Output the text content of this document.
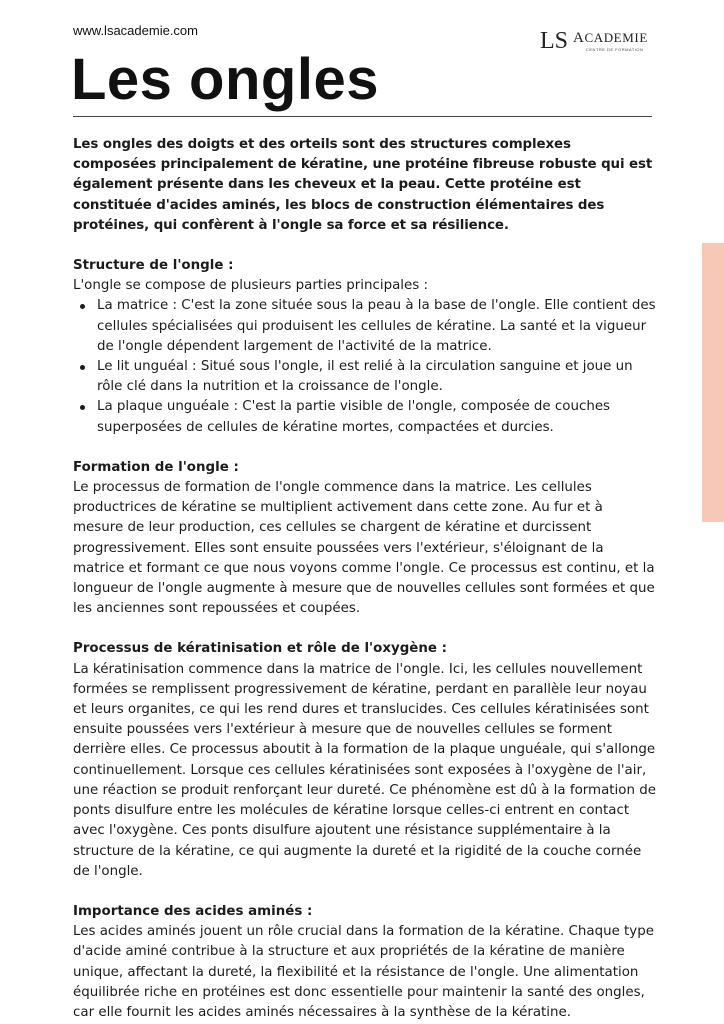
www.lsacademie.com	LS ACADEMIE
CENTRE DE FORMATION
Les ongles

Les ongles des doigts et des orteils sont des structures complexes composées principalement de kératine, une protéine fibreuse robuste qui est également présente dans les cheveux et la peau. Cette protéine est constituée d'acides aminés, les blocs de construction élémentaires des protéines, qui confèrent à l'ongle sa force et sa résilience.

Structure de l'ongle :

L'ongle se compose de plusieurs parties principales :

La matrice : C'est la zone située sous la peau à la base de l'ongle. Elle contient des cellules spécialisées qui produisent les cellules de kératine. La santé et la vigueur de l'ongle dépendent largement de l'activité de la matrice.
Le lit unguéal : Situé sous l'ongle, il est relié à la circulation sanguine et joue un rôle clé dans la nutrition et la croissance de l'ongle.
La plaque unguéale : C'est la partie visible de l'ongle, composée de couches superposées de cellules de kératine mortes, compactées et durcies.

Formation de l'ongle :

Le processus de formation de l'ongle commence dans la matrice. Les cellules productrices de kératine se multiplient activement dans cette zone. Au fur et à mesure de leur production, ces cellules se chargent de kératine et durcissent progressivement. Elles sont ensuite poussées vers l'extérieur, s'éloignant de la matrice et formant ce que nous voyons comme l'ongle. Ce processus est continu, et la longueur de l'ongle augmente à mesure que de nouvelles cellules sont formées et que les anciennes sont repoussées et coupées.

Processus de kératinisation et rôle de l'oxygène :

La kératinisation commence dans la matrice de l'ongle. Ici, les cellules nouvellement formées se remplissent progressivement de kératine, perdant en parallèle leur noyau et leurs organites, ce qui les rend dures et translucides. Ces cellules kératinisées sont ensuite poussées vers l'extérieur à mesure que de nouvelles cellules se forment derrière elles. Ce processus aboutit à la formation de la plaque unguéale, qui s'allonge continuellement. Lorsque ces cellules kératinisées sont exposées à l'oxygène de l'air, une réaction se produit renforçant leur dureté. Ce phénomène est dû à la formation de ponts disulfure entre les molécules de kératine lorsque celles-ci entrent en contact avec l'oxygène. Ces ponts disulfure ajoutent une résistance supplémentaire à la structure de la kératine, ce qui augmente la dureté et la rigidité de la couche cornée de l'ongle.

Importance des acides aminés :

Les acides aminés jouent un rôle crucial dans la formation de la kératine. Chaque type d'acide aminé contribue à la structure et aux propriétés de la kératine de manière unique, affectant la dureté, la flexibilité et la résistance de l'ongle. Une alimentation équilibrée riche en protéines est donc essentielle pour maintenir la santé des ongles, car elle fournit les acides aminés nécessaires à la synthèse de la kératine.
